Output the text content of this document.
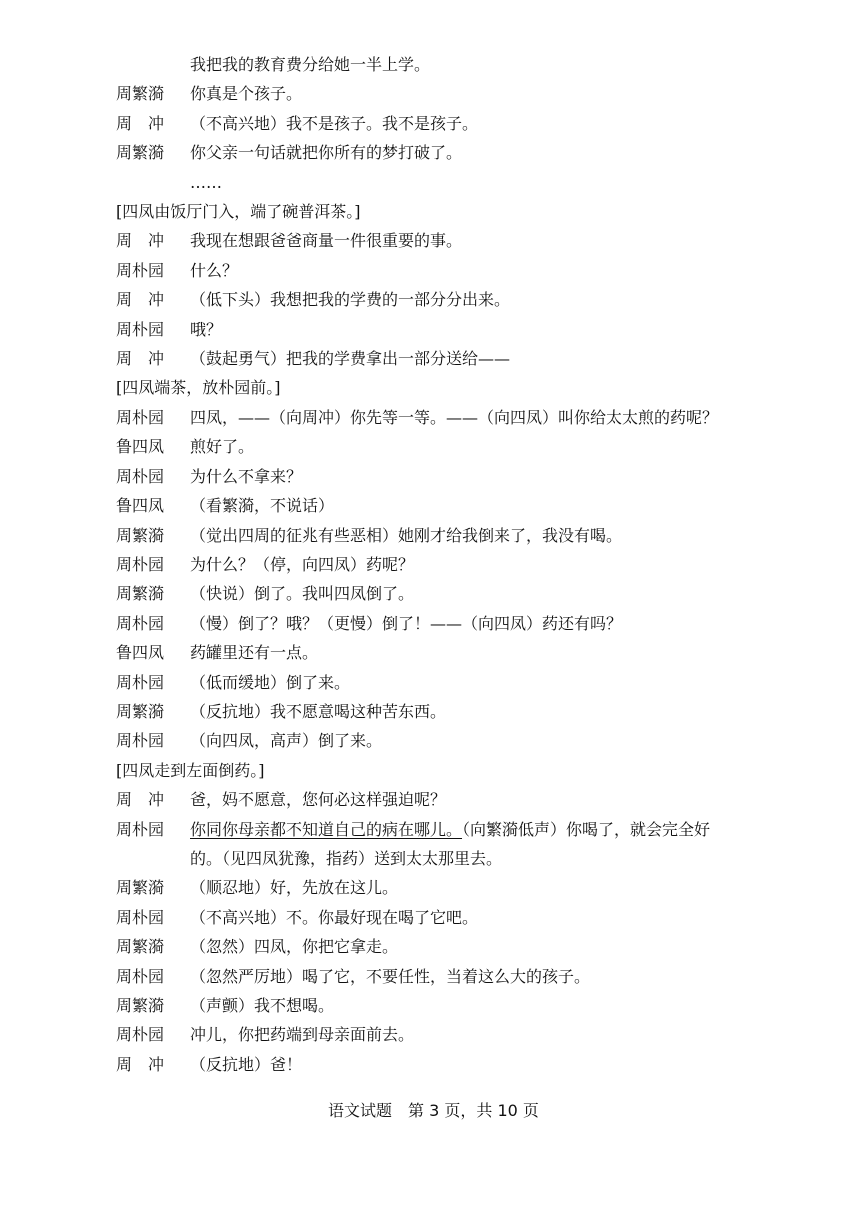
我把我的教育费分给她一半上学。
周繁漪	你真是个孩子。
周　冲	（不高兴地）我不是孩子。我不是孩子。
周繁漪	你父亲一句话就把你所有的梦打破了。
……
[四凤由饭厅门入，端了碗普洱茶。]
周　冲	我现在想跟爸爸商量一件很重要的事。
周朴园	什么？
周　冲	（低下头）我想把我的学费的一部分分出来。
周朴园	哦？
周　冲	（鼓起勇气）把我的学费拿出一部分送给——
[四凤端茶，放朴园前。]
周朴园	四凤，——（向周冲）你先等一等。——（向四凤）叫你给太太煎的药呢？
鲁四凤	煎好了。
周朴园	为什么不拿来？
鲁四凤	（看繁漪，不说话）
周繁漪	（觉出四周的征兆有些恶相）她刚才给我倒来了，我没有喝。
周朴园	为什么？（停，向四凤）药呢？
周繁漪	（快说）倒了。我叫四凤倒了。
周朴园	（慢）倒了？哦？（更慢）倒了！——（向四凤）药还有吗？
鲁四凤	药罐里还有一点。
周朴园	（低而缓地）倒了来。
周繁漪	（反抗地）我不愿意喝这种苦东西。
周朴园	（向四凤，高声）倒了来。
[四凤走到左面倒药。]
周　冲	爸，妈不愿意，您何必这样强迫呢？
周朴园	你同你母亲都不知道自己的病在哪儿。（向繁漪低声）你喝了，就会完全好
的。（见四凤犹豫，指药）送到太太那里去。
周繁漪	（顺忍地）好，先放在这儿。
周朴园	（不高兴地）不。你最好现在喝了它吧。
周繁漪	（忽然）四凤，你把它拿走。
周朴园	（忽然严厉地）喝了它，不要任性，当着这么大的孩子。
周繁漪	（声颤）我不想喝。
周朴园	冲儿，你把药端到母亲面前去。
周　冲	（反抗地）爸！
语文试题　第 3 页，共 10 页
